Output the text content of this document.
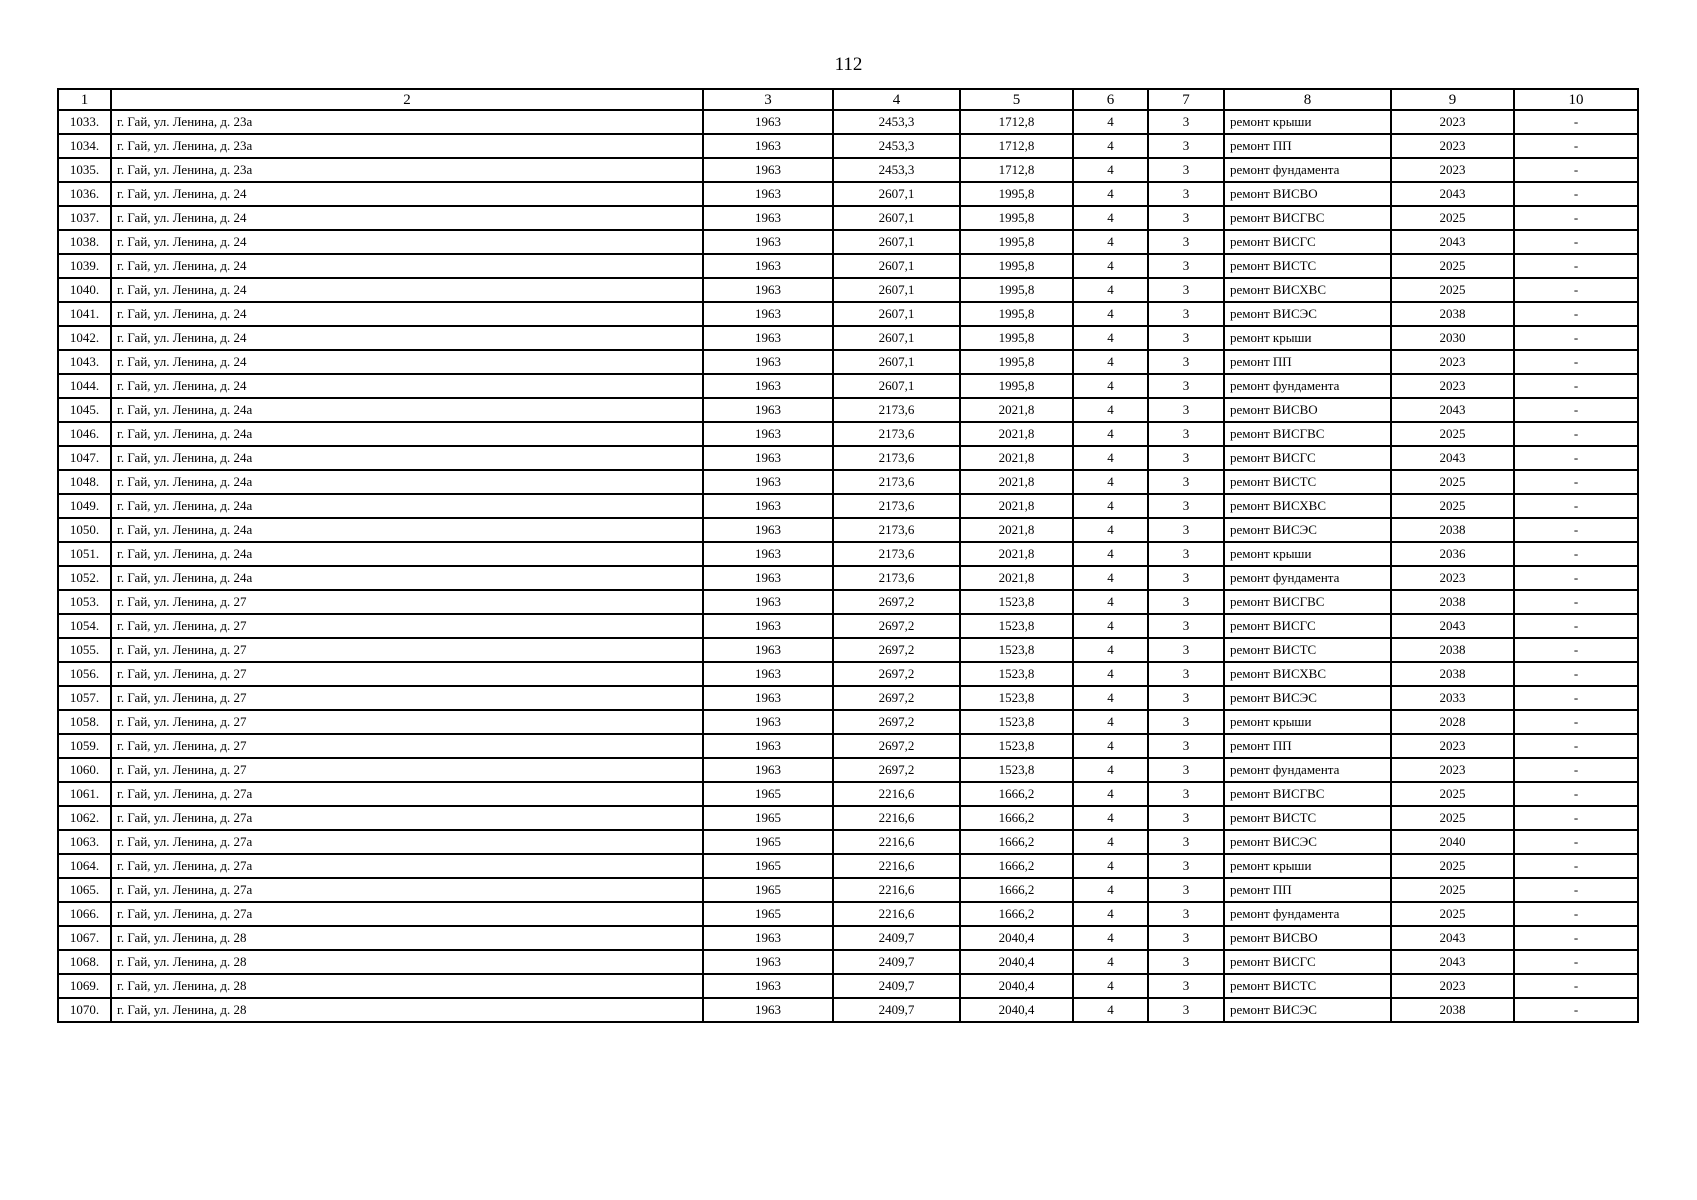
112
1	2	3	4	5	6	7	8	9	10
1033.	г. Гай, ул. Ленина, д. 23а	1963	2453,3	1712,8	4	3	ремонт крыши	2023	-
1034.	г. Гай, ул. Ленина, д. 23а	1963	2453,3	1712,8	4	3	ремонт ПП	2023	-
1035.	г. Гай, ул. Ленина, д. 23а	1963	2453,3	1712,8	4	3	ремонт фундамента	2023	-
1036.	г. Гай, ул. Ленина, д. 24	1963	2607,1	1995,8	4	3	ремонт ВИСВО	2043	-
1037.	г. Гай, ул. Ленина, д. 24	1963	2607,1	1995,8	4	3	ремонт ВИСГВС	2025	-
1038.	г. Гай, ул. Ленина, д. 24	1963	2607,1	1995,8	4	3	ремонт ВИСГС	2043	-
1039.	г. Гай, ул. Ленина, д. 24	1963	2607,1	1995,8	4	3	ремонт ВИСТС	2025	-
1040.	г. Гай, ул. Ленина, д. 24	1963	2607,1	1995,8	4	3	ремонт ВИСХВС	2025	-
1041.	г. Гай, ул. Ленина, д. 24	1963	2607,1	1995,8	4	3	ремонт ВИСЭС	2038	-
1042.	г. Гай, ул. Ленина, д. 24	1963	2607,1	1995,8	4	3	ремонт крыши	2030	-
1043.	г. Гай, ул. Ленина, д. 24	1963	2607,1	1995,8	4	3	ремонт ПП	2023	-
1044.	г. Гай, ул. Ленина, д. 24	1963	2607,1	1995,8	4	3	ремонт фундамента	2023	-
1045.	г. Гай, ул. Ленина, д. 24а	1963	2173,6	2021,8	4	3	ремонт ВИСВО	2043	-
1046.	г. Гай, ул. Ленина, д. 24а	1963	2173,6	2021,8	4	3	ремонт ВИСГВС	2025	-
1047.	г. Гай, ул. Ленина, д. 24а	1963	2173,6	2021,8	4	3	ремонт ВИСГС	2043	-
1048.	г. Гай, ул. Ленина, д. 24а	1963	2173,6	2021,8	4	3	ремонт ВИСТС	2025	-
1049.	г. Гай, ул. Ленина, д. 24а	1963	2173,6	2021,8	4	3	ремонт ВИСХВС	2025	-
1050.	г. Гай, ул. Ленина, д. 24а	1963	2173,6	2021,8	4	3	ремонт ВИСЭС	2038	-
1051.	г. Гай, ул. Ленина, д. 24а	1963	2173,6	2021,8	4	3	ремонт крыши	2036	-
1052.	г. Гай, ул. Ленина, д. 24а	1963	2173,6	2021,8	4	3	ремонт фундамента	2023	-
1053.	г. Гай, ул. Ленина, д. 27	1963	2697,2	1523,8	4	3	ремонт ВИСГВС	2038	-
1054.	г. Гай, ул. Ленина, д. 27	1963	2697,2	1523,8	4	3	ремонт ВИСГС	2043	-
1055.	г. Гай, ул. Ленина, д. 27	1963	2697,2	1523,8	4	3	ремонт ВИСТС	2038	-
1056.	г. Гай, ул. Ленина, д. 27	1963	2697,2	1523,8	4	3	ремонт ВИСХВС	2038	-
1057.	г. Гай, ул. Ленина, д. 27	1963	2697,2	1523,8	4	3	ремонт ВИСЭС	2033	-
1058.	г. Гай, ул. Ленина, д. 27	1963	2697,2	1523,8	4	3	ремонт крыши	2028	-
1059.	г. Гай, ул. Ленина, д. 27	1963	2697,2	1523,8	4	3	ремонт ПП	2023	-
1060.	г. Гай, ул. Ленина, д. 27	1963	2697,2	1523,8	4	3	ремонт фундамента	2023	-
1061.	г. Гай, ул. Ленина, д. 27а	1965	2216,6	1666,2	4	3	ремонт ВИСГВС	2025	-
1062.	г. Гай, ул. Ленина, д. 27а	1965	2216,6	1666,2	4	3	ремонт ВИСТС	2025	-
1063.	г. Гай, ул. Ленина, д. 27а	1965	2216,6	1666,2	4	3	ремонт ВИСЭС	2040	-
1064.	г. Гай, ул. Ленина, д. 27а	1965	2216,6	1666,2	4	3	ремонт крыши	2025	-
1065.	г. Гай, ул. Ленина, д. 27а	1965	2216,6	1666,2	4	3	ремонт ПП	2025	-
1066.	г. Гай, ул. Ленина, д. 27а	1965	2216,6	1666,2	4	3	ремонт фундамента	2025	-
1067.	г. Гай, ул. Ленина, д. 28	1963	2409,7	2040,4	4	3	ремонт ВИСВО	2043	-
1068.	г. Гай, ул. Ленина, д. 28	1963	2409,7	2040,4	4	3	ремонт ВИСГС	2043	-
1069.	г. Гай, ул. Ленина, д. 28	1963	2409,7	2040,4	4	3	ремонт ВИСТС	2023	-
1070.	г. Гай, ул. Ленина, д. 28	1963	2409,7	2040,4	4	3	ремонт ВИСЭС	2038	-
